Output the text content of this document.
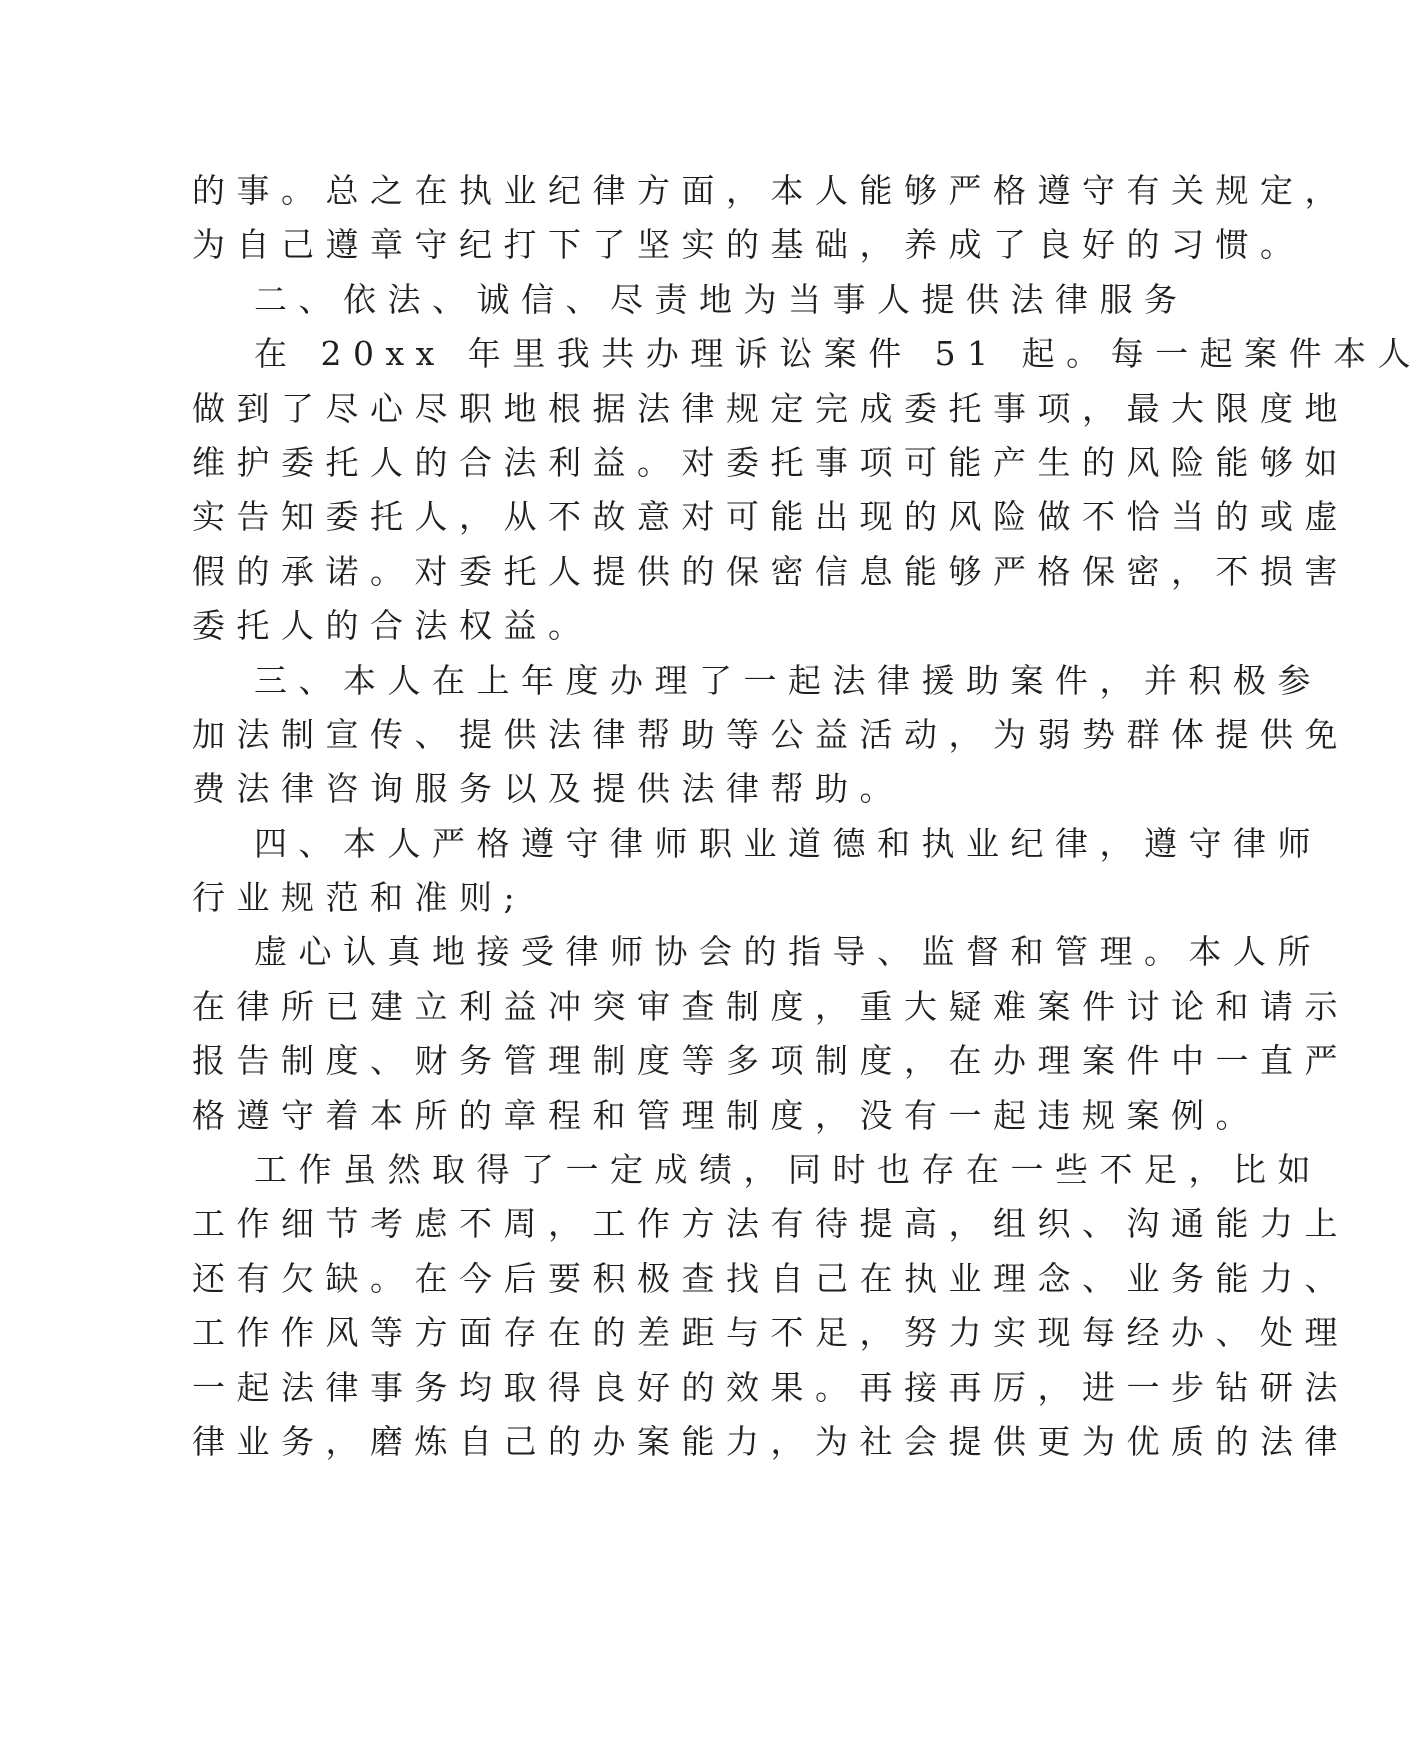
的事。总之在执业纪律方面，本人能够严格遵守有关规定，
为自己遵章守纪打下了坚实的基础，养成了良好的习惯。
二、依法、诚信、尽责地为当事人提供法律服务
在 20xx 年里我共办理诉讼案件 51 起。每一起案件本人
做到了尽心尽职地根据法律规定完成委托事项，最大限度地
维护委托人的合法利益。对委托事项可能产生的风险能够如
实告知委托人，从不故意对可能出现的风险做不恰当的或虚
假的承诺。对委托人提供的保密信息能够严格保密，不损害
委托人的合法权益。
三、本人在上年度办理了一起法律援助案件，并积极参
加法制宣传、提供法律帮助等公益活动，为弱势群体提供免
费法律咨询服务以及提供法律帮助。
四、本人严格遵守律师职业道德和执业纪律，遵守律师
行业规范和准则;
虚心认真地接受律师协会的指导、监督和管理。本人所
在律所已建立利益冲突审查制度，重大疑难案件讨论和请示
报告制度、财务管理制度等多项制度，在办理案件中一直严
格遵守着本所的章程和管理制度，没有一起违规案例。
工作虽然取得了一定成绩，同时也存在一些不足，比如
工作细节考虑不周，工作方法有待提高，组织、沟通能力上
还有欠缺。在今后要积极查找自己在执业理念、业务能力、
工作作风等方面存在的差距与不足，努力实现每经办、处理
一起法律事务均取得良好的效果。再接再厉，进一步钻研法
律业务，磨炼自己的办案能力，为社会提供更为优质的法律
